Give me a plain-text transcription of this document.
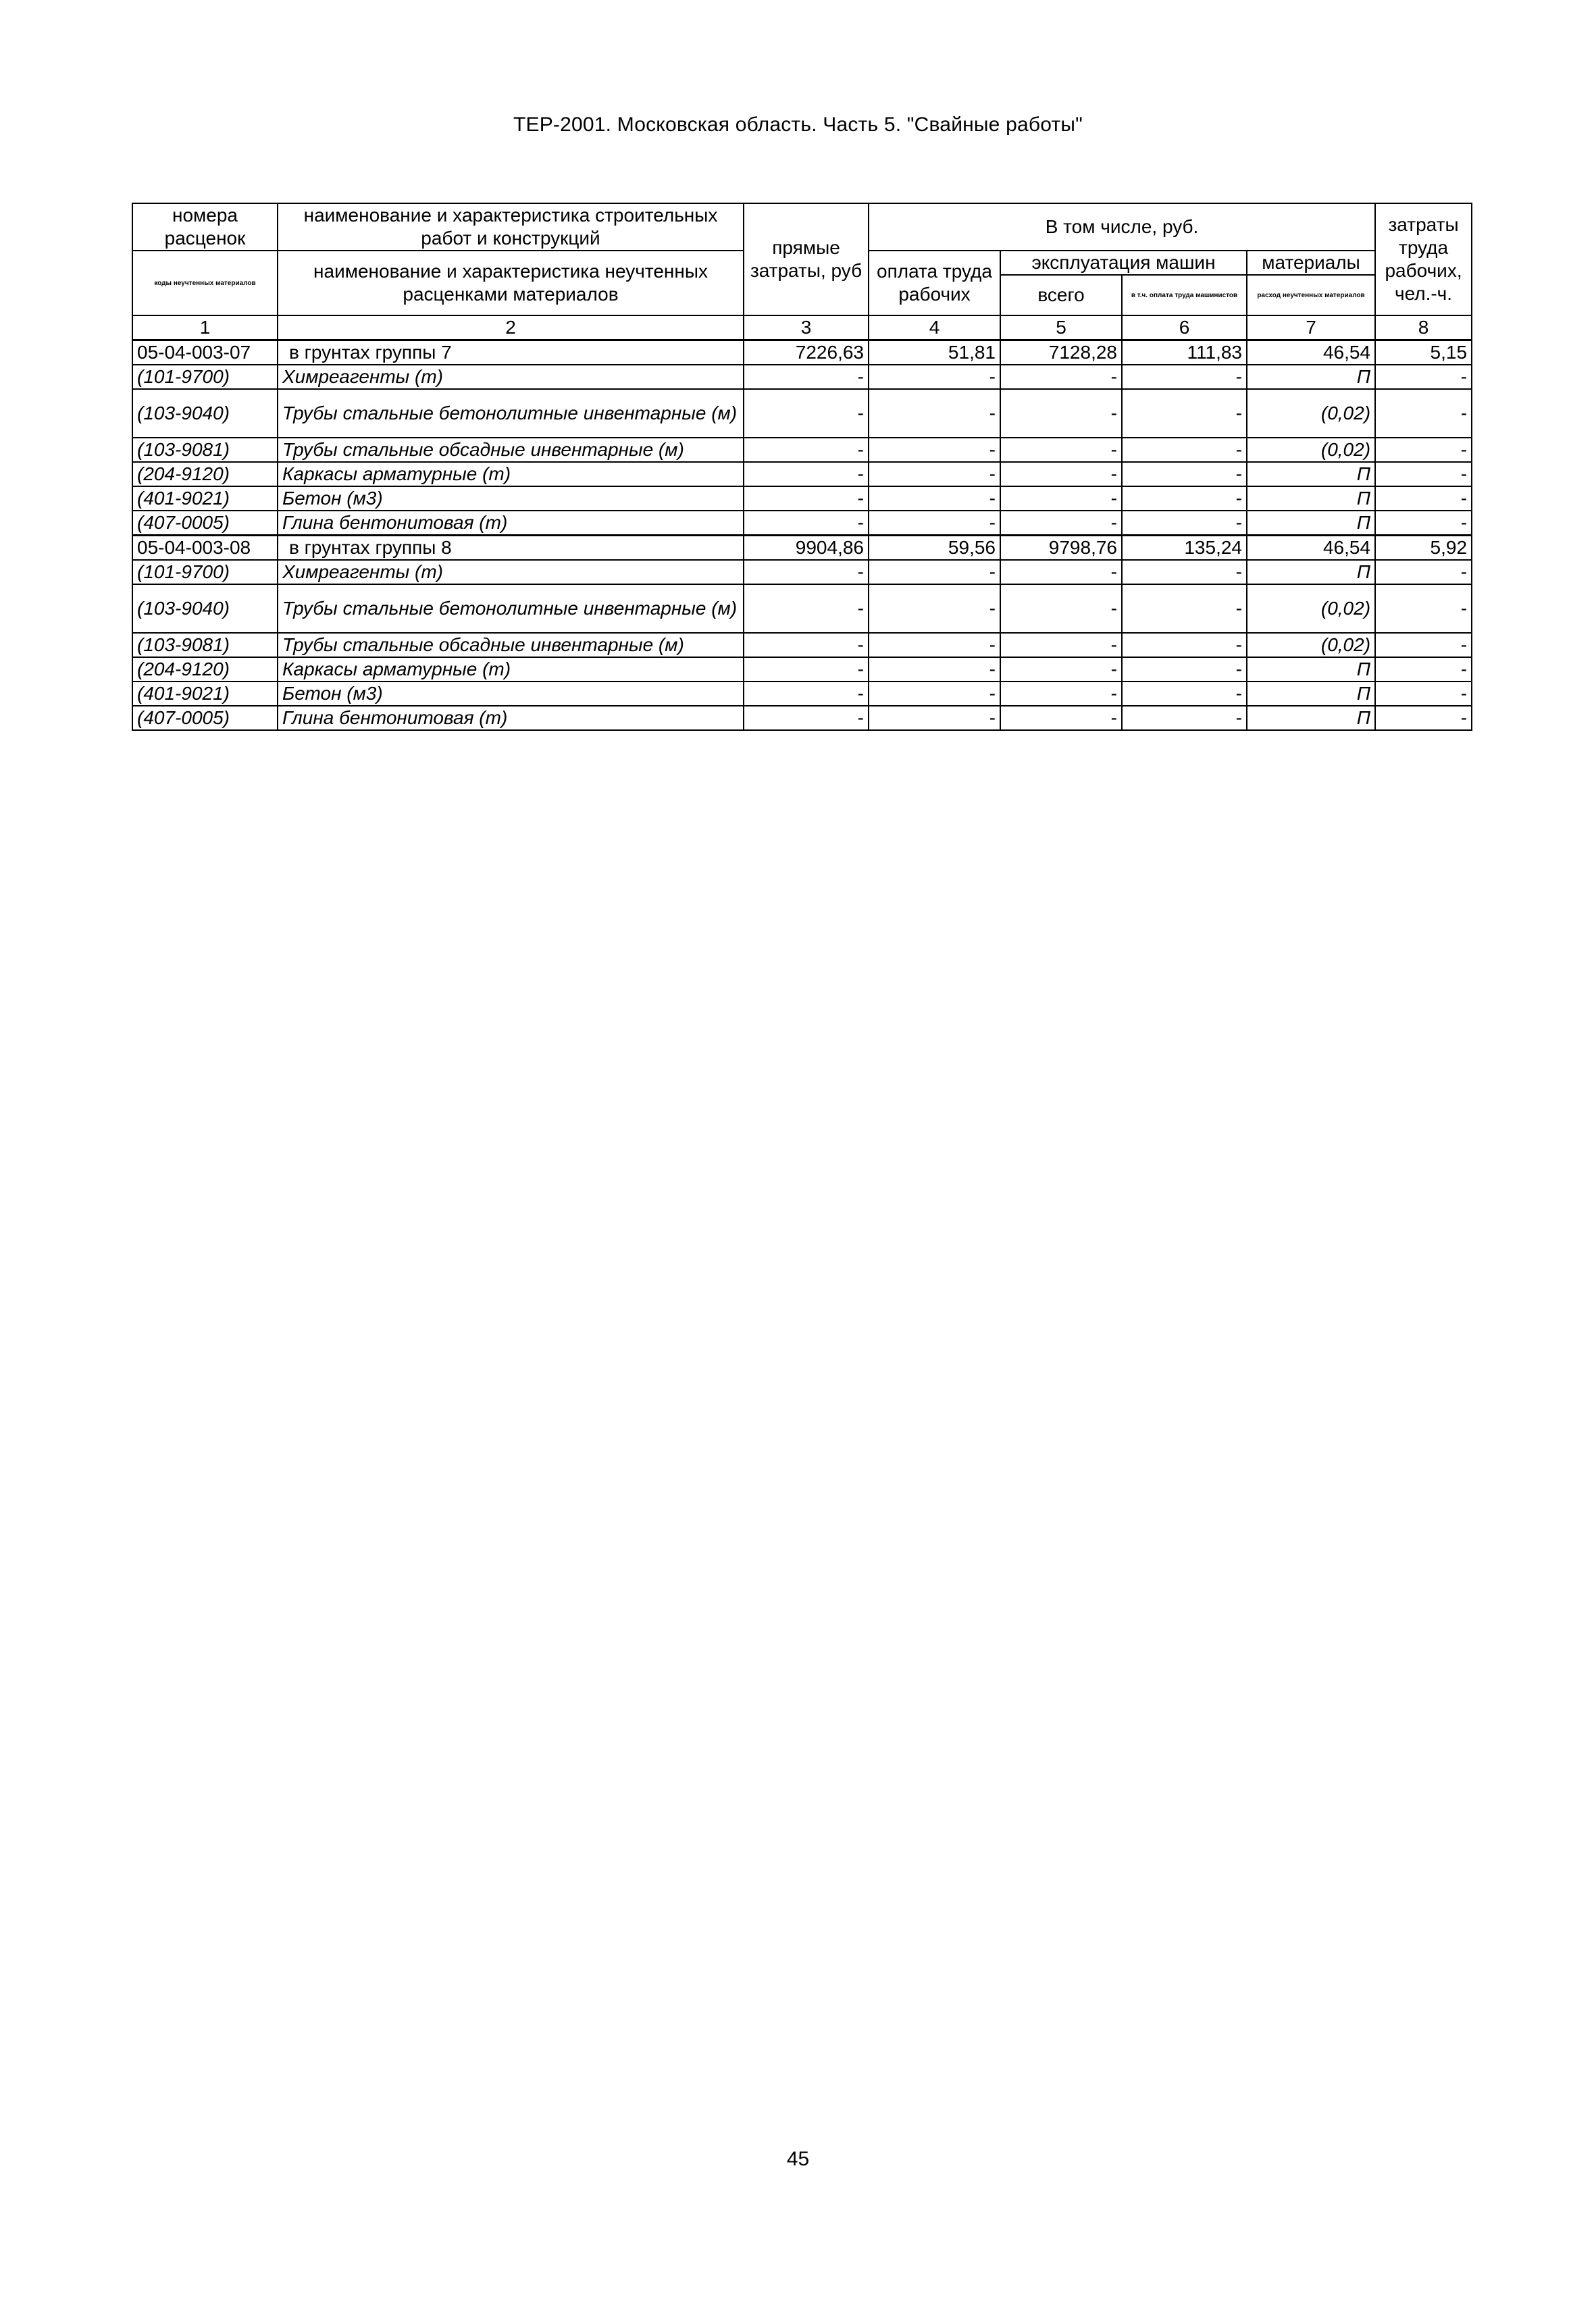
ТЕР-2001. Московская область. Часть 5. "Свайные работы"
номера расценок	наименование и характеристика строительных работ и конструкций	прямые затраты, руб	В том числе, руб.				затраты труда рабочих, чел.-ч.
коды неучтенных материалов	наименование и характеристика неучтенных расценками материалов		оплата труда рабочих	эксплуатация машин		материалы	
				всего	в т.ч. оплата труда машинистов	расход неучтенных материалов	
1	2	3	4	5	6	7	8
05-04-003-07	в грунтах группы 7	7226,63	51,81	7128,28	111,83	46,54	5,15
(101-9700)	Химреагенты (т)	-	-	-	-	П	-
(103-9040)	Трубы стальные бетонолитные инвентарные (м)	-	-	-	-	(0,02)	-
(103-9081)	Трубы стальные обсадные инвентарные (м)	-	-	-	-	(0,02)	-
(204-9120)	Каркасы арматурные (т)	-	-	-	-	П	-
(401-9021)	Бетон (м3)	-	-	-	-	П	-
(407-0005)	Глина бентонитовая (т)	-	-	-	-	П	-
05-04-003-08	в грунтах группы 8	9904,86	59,56	9798,76	135,24	46,54	5,92
(101-9700)	Химреагенты (т)	-	-	-	-	П	-
(103-9040)	Трубы стальные бетонолитные инвентарные (м)	-	-	-	-	(0,02)	-
(103-9081)	Трубы стальные обсадные инвентарные (м)	-	-	-	-	(0,02)	-
(204-9120)	Каркасы арматурные (т)	-	-	-	-	П	-
(401-9021)	Бетон (м3)	-	-	-	-	П	-
(407-0005)	Глина бентонитовая (т)	-	-	-	-	П	-
45
